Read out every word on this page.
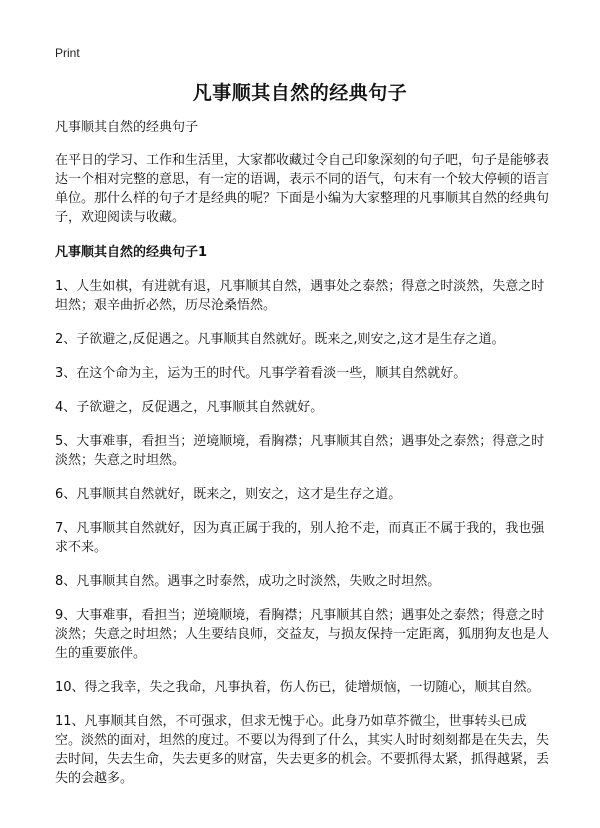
Print
凡事顺其自然的经典句子

凡事顺其自然的经典句子

在平日的学习、工作和生活里，大家都收藏过令自己印象深刻的句子吧，句子是能够表达一个相对完整的意思，有一定的语调，表示不同的语气，句末有一个较大停顿的语言单位。那什么样的句子才是经典的呢？下面是小编为大家整理的凡事顺其自然的经典句子，欢迎阅读与收藏。

凡事顺其自然的经典句子1

1、人生如棋，有进就有退，凡事顺其自然，遇事处之泰然；得意之时淡然，失意之时坦然；艰辛曲折必然，历尽沧桑悟然。

2、子欲避之,反促遇之。凡事顺其自然就好。既来之,则安之,这才是生存之道。

3、在这个命为主，运为王的时代。凡事学着看淡一些，顺其自然就好。

4、子欲避之，反促遇之，凡事顺其自然就好。

5、大事难事，看担当；逆境顺境，看胸襟；凡事顺其自然；遇事处之泰然；得意之时淡然；失意之时坦然。

6、凡事顺其自然就好，既来之，则安之，这才是生存之道。

7、凡事顺其自然就好，因为真正属于我的，别人抢不走，而真正不属于我的，我也强求不来。

8、凡事顺其自然。遇事之时泰然，成功之时淡然，失败之时坦然。

9、大事难事，看担当；逆境顺境，看胸襟；凡事顺其自然；遇事处之泰然；得意之时淡然；失意之时坦然；人生要结良师，交益友，与损友保持一定距离，狐朋狗友也是人生的重要旅伴。

10、得之我幸，失之我命，凡事执着，伤人伤已，徒增烦恼，一切随心，顺其自然。

11、凡事顺其自然，不可强求，但求无愧于心。此身乃如草芥微尘，世事转头已成空。淡然的面对，坦然的度过。不要以为得到了什么，其实人时时刻刻都是在失去，失去时间，失去生命，失去更多的财富，失去更多的机会。不要抓得太紧，抓得越紧，丢失的会越多。
